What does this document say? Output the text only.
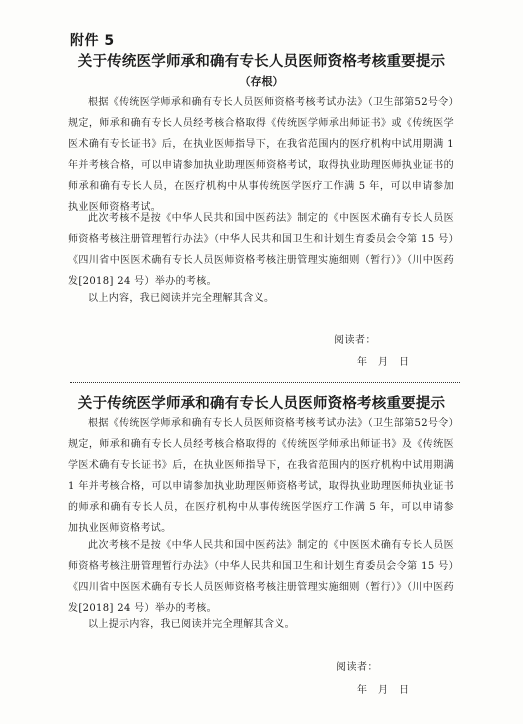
附件 5
关于传统医学师承和确有专长人员医师资格考核重要提示
（存根）

根据《传统医学师承和确有专长人员医师资格考核考试办法》（卫生部第52号令）规定，师承和确有专长人员经考核合格取得《传统医学师承出师证书》或《传统医学医术确有专长证书》后，在执业医师指导下，在我省范围内的医疗机构中试用期满 1 年并考核合格，可以申请参加执业助理医师资格考试，取得执业助理医师执业证书的师承和确有专长人员，在医疗机构中从事传统医学医疗工作满 5 年，可以申请参加执业医师资格考试。

此次考核不是按《中华人民共和国中医药法》制定的《中医医术确有专长人员医师资格考核注册管理暂行办法》（中华人民共和国卫生和计划生育委员会令第 15 号）《四川省中医医术确有专长人员医师资格考核注册管理实施细则（暂行）》（川中医药发[2018] 24 号）举办的考核。

以上内容，我已阅读并完全理解其含义。

阅读者：
年　月　日
关于传统医学师承和确有专长人员医师资格考核重要提示

根据《传统医学师承和确有专长人员医师资格考核考试办法》（卫生部第52号令）规定，师承和确有专长人员经考核合格取得的《传统医学师承出师证书》及《传统医学医术确有专长证书》后，在执业医师指导下，在我省范围内的医疗机构中试用期满 1 年并考核合格，可以申请参加执业助理医师资格考试，取得执业助理医师执业证书的师承和确有专长人员，在医疗机构中从事传统医学医疗工作满 5 年，可以申请参加执业医师资格考试。

此次考核不是按《中华人民共和国中医药法》制定的《中医医术确有专长人员医师资格考核注册管理暂行办法》（中华人民共和国卫生和计划生育委员会令第 15 号）《四川省中医医术确有专长人员医师资格考核注册管理实施细则（暂行）》（川中医药发[2018] 24 号）举办的考核。

以上提示内容，我已阅读并完全理解其含义。

阅读者：
年　月　日
